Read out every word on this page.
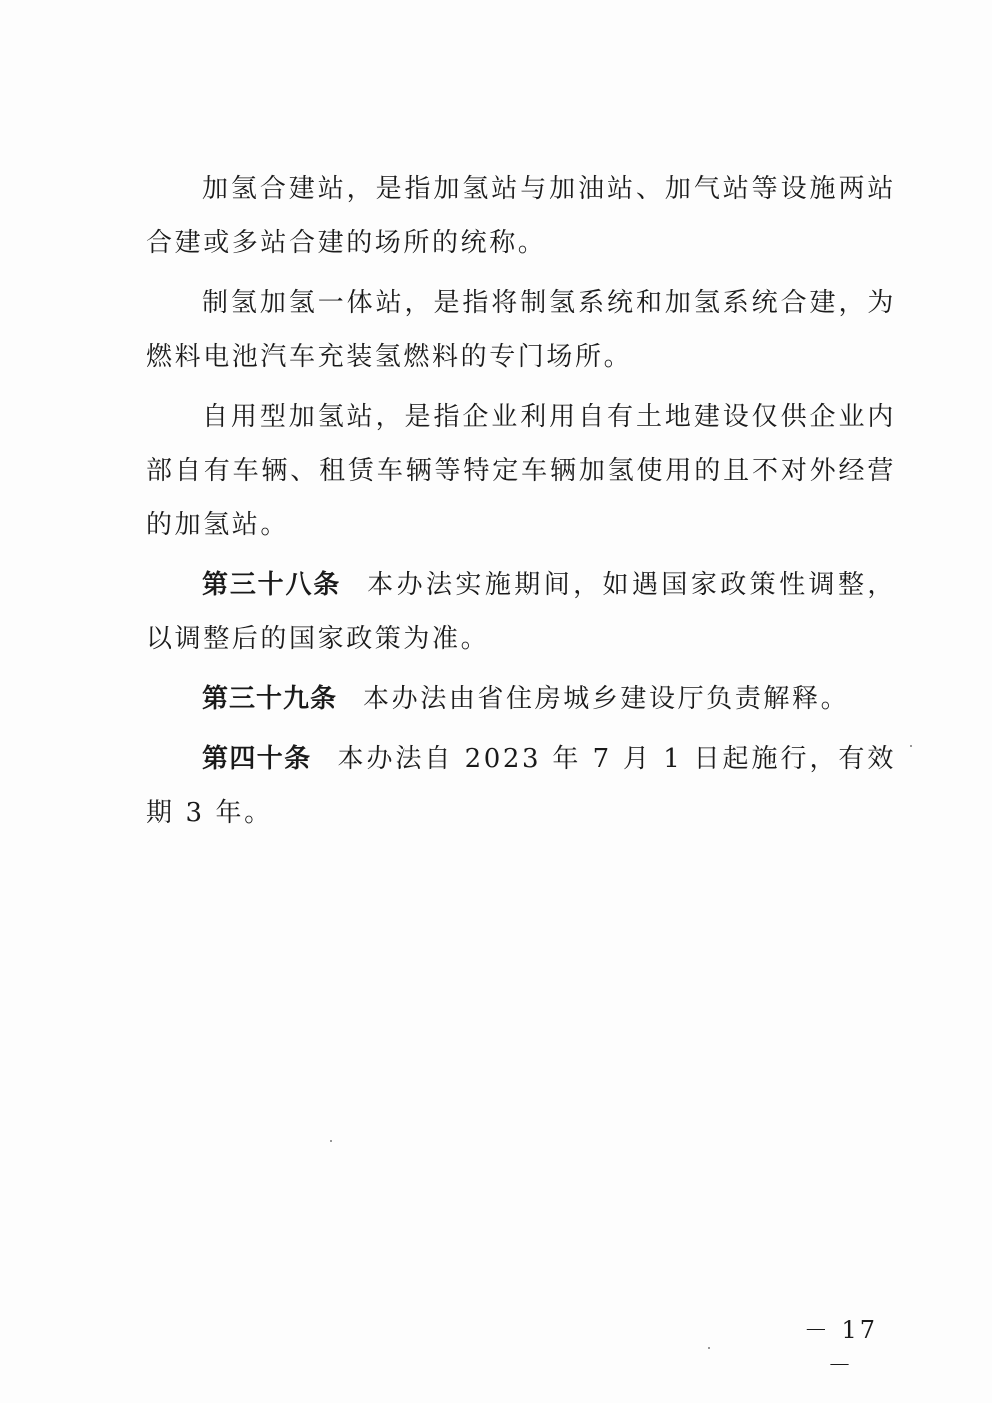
加氢合建站，是指加氢站与加油站、加气站等设施两站合建或多站合建的场所的统称。

制氢加氢一体站，是指将制氢系统和加氢系统合建，为燃料电池汽车充装氢燃料的专门场所。

自用型加氢站，是指企业利用自有土地建设仅供企业内部自有车辆、租赁车辆等特定车辆加氢使用的且不对外经营的加氢站。

第三十八条 本办法实施期间，如遇国家政策性调整，以调整后的国家政策为准。

第三十九条 本办法由省住房城乡建设厅负责解释。

第四十条 本办法自 2023 年 7 月 1 日起施行，有效期 3 年。

－ 17 －
